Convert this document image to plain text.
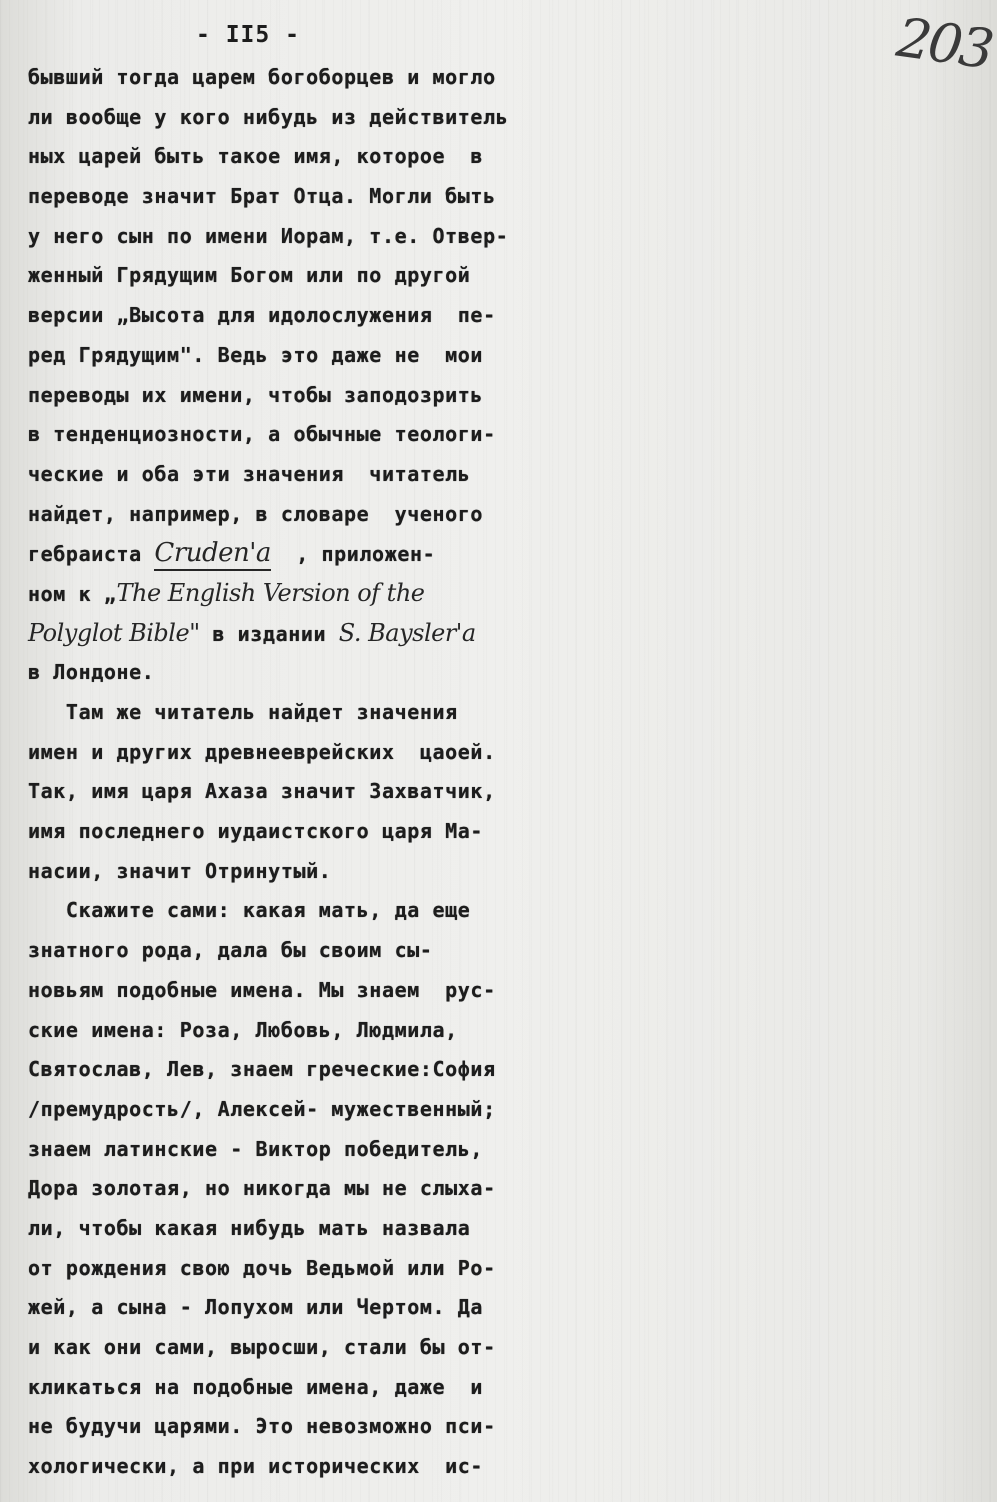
- II5 -	203
бывший тогда царем богоборцев и могло
ли вообще у кого нибудь из действитель
ных царей быть такое имя, которое  в
переводе значит Брат Отца. Могли быть
у него сын по имени Иорам, т.е. Отвер-
женный Грядущим Богом или по другой
версии „Высота для идолослужения  пе-
ред Грядущим". Ведь это даже не  мои
переводы их имени, чтобы заподозрить
в тенденциозности, а обычные теологи-
ческие и оба эти значения  читатель
найдет, например, в словаре  ученого
гебраиста Cruden'a  , приложен-
ном к „The English Version of the
Polyglot Bible" в издании S. Baysler'a
в Лондоне.
Там же читатель найдет значения
имен и других древнееврейских  цаоей.
Так, имя царя Ахаза значит Захватчик,
имя последнего иудаистского царя Ма-
насии, значит Отринутый.
Скажите сами: какая мать, да еще
знатного рода, дала бы своим сы-
новьям подобные имена. Мы знаем  рус-
ские имена: Роза, Любовь, Людмила,
Святослав, Лев, знаем греческие:София
/премудрость/, Алексей- мужественный;
знаем латинские - Виктор победитель,
Дора золотая, но никогда мы не слыха-
ли, чтобы какая нибудь мать назвала
от рождения свою дочь Ведьмой или Ро-
жей, а сына - Лопухом или Чертом. Да
и как они сами, выросши, стали бы от-
кликаться на подобные имена, даже  и
не будучи царями. Это невозможно пси-
хологически, а при исторических  ис-
